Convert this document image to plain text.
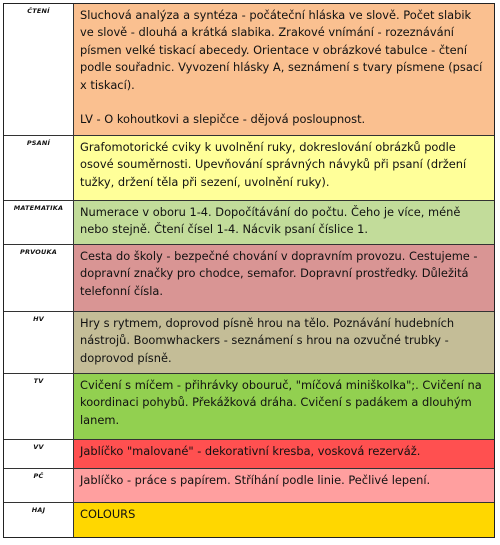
ČTENÍ	Sluchová analýza a syntéza - počáteční hláska ve slově. Počet slabik ve slově - dlouhá a krátká slabika. Zrakové vnímání - rozeznávání písmen velké tiskací abecedy. Orientace v obrázkové tabulce - čtení podle souřadnic. Vyvození hlásky A, seznámení s tvary písmene (psací x tiskací).

LV - O kohoutkovi a slepičce - dějová posloupnost.

PSANÍ	Grafomotorické cviky k uvolnění ruky, dokreslování obrázků podle osové souměrnosti. Upevňování správných návyků při psaní (držení tužky, držení těla při sezení, uvolnění ruky).

MATEMATIKA	Numerace v oboru 1-4. Dopočítávání do počtu. Čeho je více, méně nebo stejně. Čtení čísel 1-4. Nácvik psaní číslice 1.

PRVOUKA	Cesta do školy - bezpečné chování v dopravním provozu. Cestujeme - dopravní značky pro chodce, semafor. Dopravní prostředky. Důležitá telefonní čísla.

HV	Hry s rytmem, doprovod písně hrou na tělo. Poznávání hudebních nástrojů. Boomwhackers - seznámení s hrou na ozvučné trubky - doprovod písně.

TV	Cvičení s míčem - přihrávky obouruč, "míčová miniškolka";. Cvičení na koordinaci pohybů. Překážková dráha. Cvičení s padákem a dlouhým lanem.

VV	Jablíčko "malované" - dekorativní kresba, vosková rezerváž.

PČ	Jablíčko - práce s papírem. Stříhání podle linie. Pečlivé lepení.

HAJ	COLOURS
